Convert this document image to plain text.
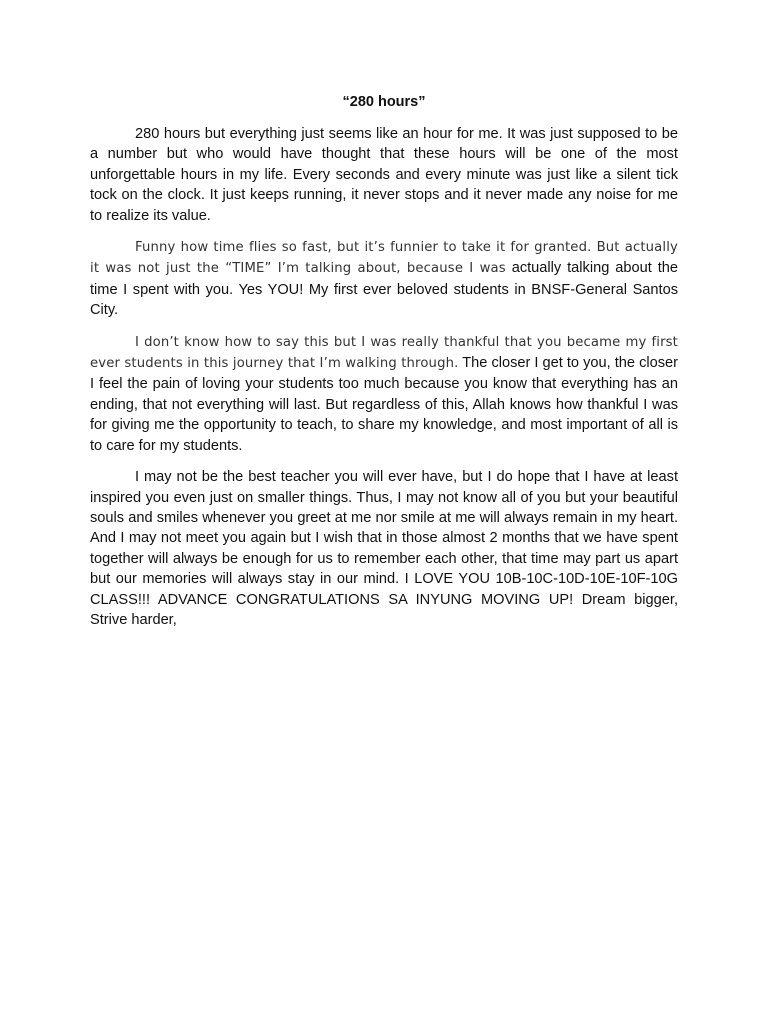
“280 hours”

280 hours but everything just seems like an hour for me. It was just supposed to be a number but who would have thought that these hours will be one of the most unforgettable hours in my life. Every seconds and every minute was just like a silent tick tock on the clock. It just keeps running, it never stops and it never made any noise for me to realize its value.

Funny how time flies so fast, but it’s funnier to take it for granted. But actually it was not just the “TIME” I’m talking about, because I was actually talking about the time I spent with you. Yes YOU! My first ever beloved students in BNSF-General Santos City.

I don’t know how to say this but I was really thankful that you became my first ever students in this journey that I’m walking through. The closer I get to you, the closer I feel the pain of loving your students too much because you know that everything has an ending, that not everything will last. But regardless of this, Allah knows how thankful I was for giving me the opportunity to teach, to share my knowledge, and most important of all is to care for my students.

I may not be the best teacher you will ever have, but I do hope that I have at least inspired you even just on smaller things. Thus, I may not know all of you but your beautiful souls and smiles whenever you greet at me nor smile at me will always remain in my heart. And I may not meet you again but I wish that in those almost 2 months that we have spent together will always be enough for us to remember each other, that time may part us apart but our memories will always stay in our mind. I LOVE YOU 10B-10C-10D-10E-10F-10G CLASS!!! ADVANCE CONGRATULATIONS SA INYUNG MOVING UP! Dream bigger, Strive harder,
